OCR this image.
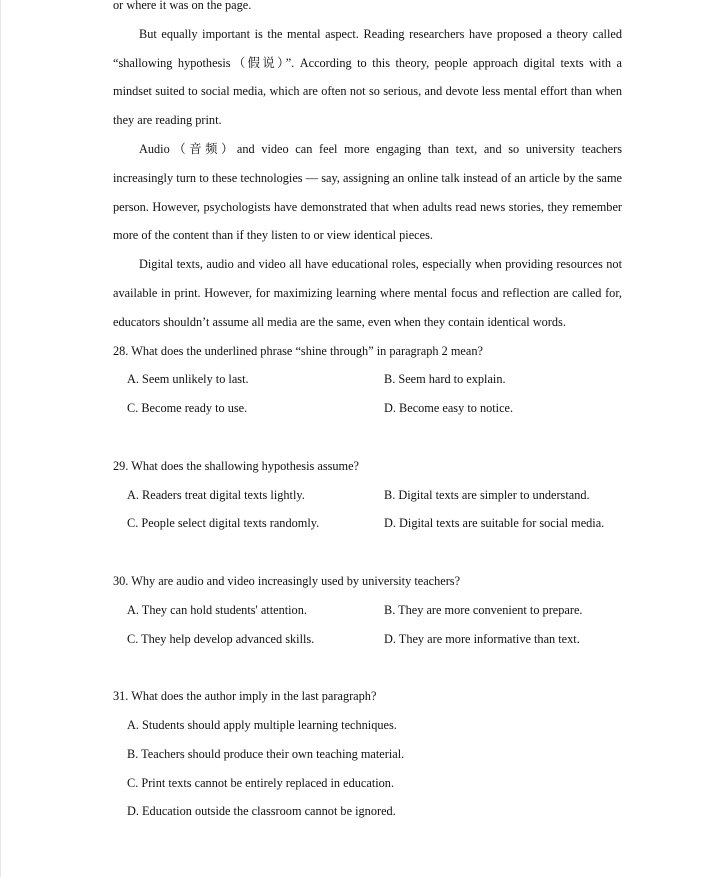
or where it was on the page.

But equally important is the mental aspect. Reading researchers have proposed a theory called “shallowing hypothesis（假说）”. According to this theory, people approach digital texts with a mindset suited to social media, which are often not so serious, and devote less mental effort than when they are reading print.

Audio（音频）and video can feel more engaging than text, and so university teachers increasingly turn to these technologies — say, assigning an online talk instead of an article by the same person. However, psychologists have demonstrated that when adults read news stories, they remember more of the content than if they listen to or view identical pieces.

Digital texts, audio and video all have educational roles, especially when providing resources not available in print. However, for maximizing learning where mental focus and reflection are called for, educators shouldn’t assume all media are the same, even when they contain identical words.

28. What does the underlined phrase “shine through” in paragraph 2 mean?

A. Seem unlikely to last.	B. Seem hard to explain.
C. Become ready to use.	D. Become easy to notice.

29. What does the shallowing hypothesis assume?

A. Readers treat digital texts lightly.	B. Digital texts are simpler to understand.
C. People select digital texts randomly.	D. Digital texts are suitable for social media.

30. Why are audio and video increasingly used by university teachers?

A. They can hold students' attention.	B. They are more convenient to prepare.
C. They help develop advanced skills.	D. They are more informative than text.

31. What does the author imply in the last paragraph?

A. Students should apply multiple learning techniques.
B. Teachers should produce their own teaching material.
C. Print texts cannot be entirely replaced in education.
D. Education outside the classroom cannot be ignored.
